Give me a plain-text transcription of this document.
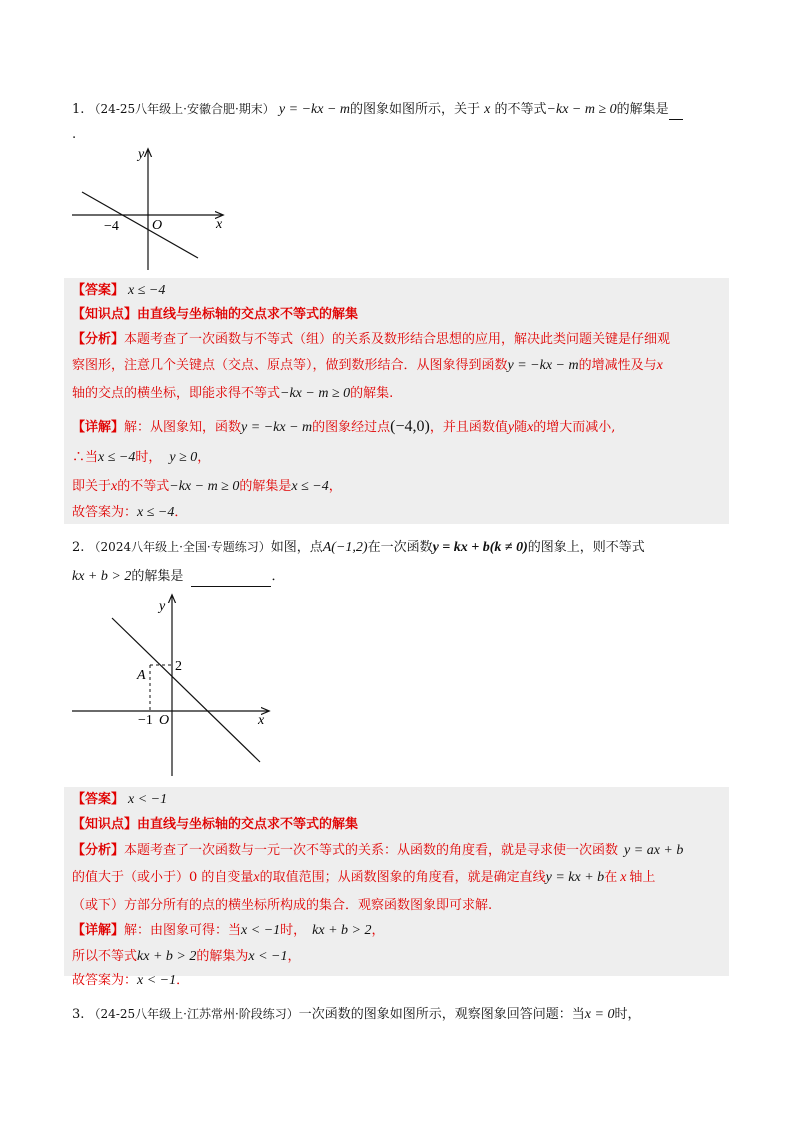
1. （24-25八年级上·安徽合肥·期末） y = −kx − m的图象如图所示，关于 x 的不等式−kx − m ≥ 0的解集是
.
y
x
O
−4
【答案】 x ≤ −4
【知识点】由直线与坐标轴的交点求不等式的解集
【分析】本题考查了一次函数与不等式（组）的关系及数形结合思想的应用，解决此类问题关键是仔细观
察图形，注意几个关键点（交点、原点等），做到数形结合．从图象得到函数y = −kx − m的增减性及与x
轴的交点的横坐标，即能求得不等式−kx − m ≥ 0的解集.
【详解】解：从图象知，函数y = −kx − m的图象经过点(−4,0)，并且函数值y随x的增大而减小,
∴当x ≤ −4时， y ≥ 0，
即关于x的不等式−kx − m ≥ 0的解集是x ≤ −4，
故答案为：x ≤ −4．
2. （2024八年级上·全国·专题练习）如图，点A(−1,2)在一次函数y = kx + b(k ≠ 0)的图象上，则不等式
kx + b > 2的解集是	．
y
x
O
−1
2
A
【答案】 x < −1
【知识点】由直线与坐标轴的交点求不等式的解集
【分析】本题考查了一次函数与一元一次不等式的关系：从函数的角度看，就是寻求使一次函数 y = ax + b
的值大于（或小于）0 的自变量x的取值范围；从函数图象的角度看，就是确定直线y = kx + b在 x 轴上
（或下）方部分所有的点的横坐标所构成的集合．观察函数图象即可求解.
【详解】解：由图象可得：当x < −1时， kx + b > 2，
所以不等式kx + b > 2的解集为x < −1，
故答案为：x < −1．
3. （24-25八年级上·江苏常州·阶段练习）一次函数的图象如图所示，观察图象回答问题：当x = 0时，
